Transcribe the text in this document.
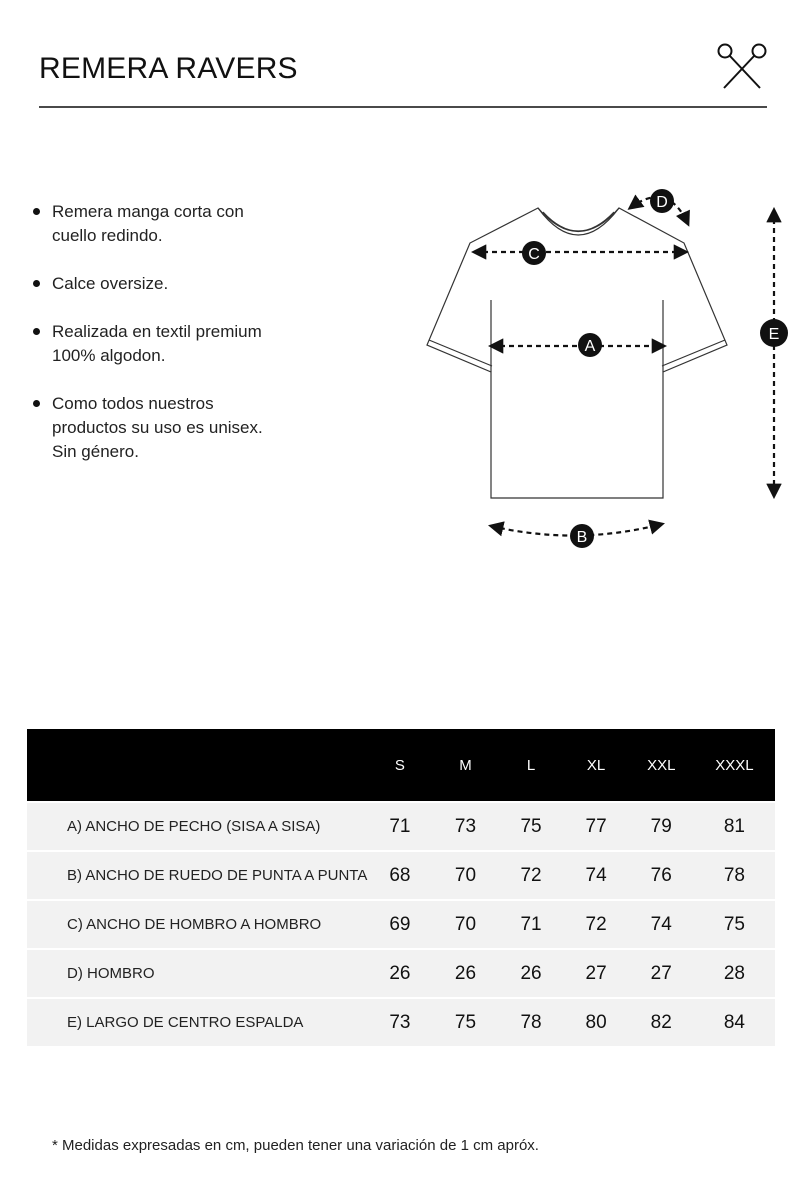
REMERA RAVERS
Remera manga corta con
cuello redindo.
Calce oversize.
Realizada en textil premium
100% algodon.
Como todos nuestros
productos su uso es unisex.
Sin género.
C
A
B
D
E
	S	M	L	XL	XXL	XXXL
A) ANCHO DE PECHO (SISA A SISA)	71	73	75	77	79	81
B) ANCHO DE RUEDO DE PUNTA A PUNTA	68	70	72	74	76	78
C) ANCHO DE HOMBRO A HOMBRO	69	70	71	72	74	75
D) HOMBRO	26	26	26	27	27	28
E) LARGO DE CENTRO ESPALDA	73	75	78	80	82	84
* Medidas expresadas en cm, pueden tener una variación de 1 cm apróx.
